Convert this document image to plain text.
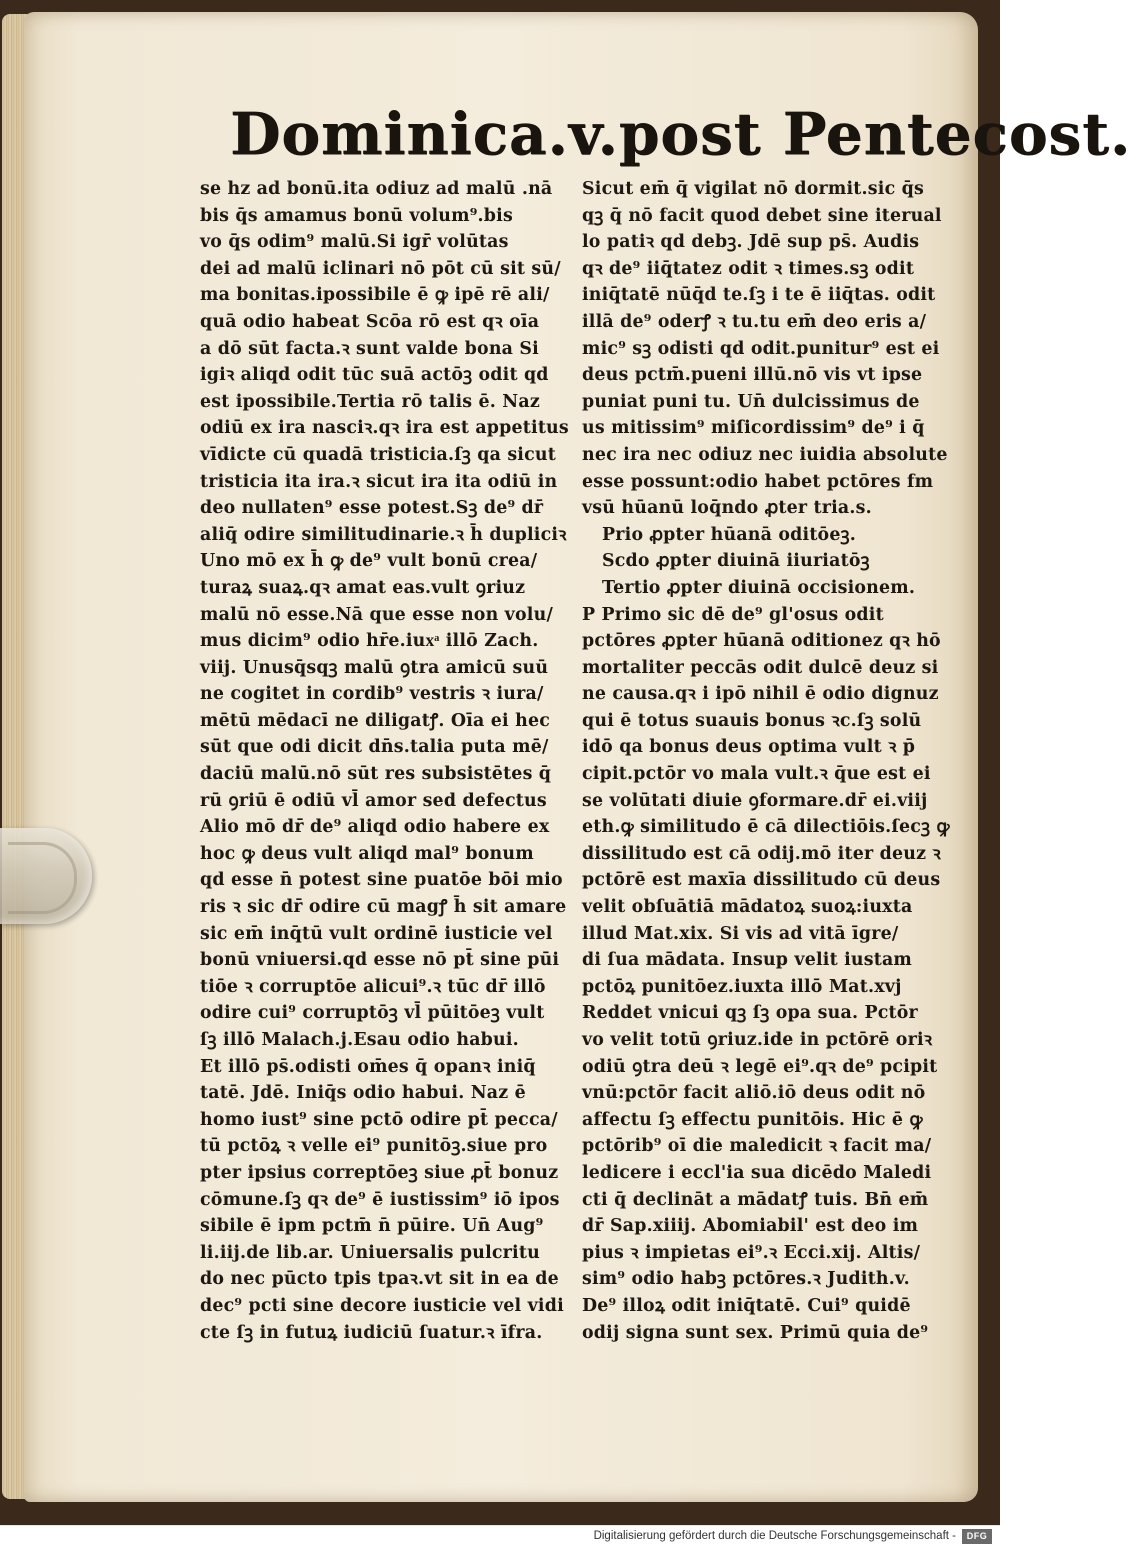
Dominica.v.post Pentecost.
se hz ad bonū.ita odiuz ad malū .nā
bis q̄s amamus bonū volum⁹.bis
vo q̄s odim⁹ malū.Si igr̄ volūtas
dei ad malū iclinari nō pōt cū sit sū/
ma bonitas.ipossibile ē ꝙ ipē rē ali/
quā odio habeat Scōa rō est qꝛ oīa
a dō sūt facta.ꝛ sunt valde bona Si
igiꝛ aliqd odit tūc suā actōꝫ odit qd
est ipossibile.Tertia rō talis ē. Naz
odiū ex ira nasciꝛ.qꝛ ira est appetitus
vīdicte cū quadā tristicia.ſꝫ qa sicut
tristicia ita ira.ꝛ sicut ira ita odiū in
deo nullaten⁹ esse potest.Sꝫ de⁹ dr̄
aliq̄ odire similitudinarie.ꝛ h̄ dupliciꝛ
Uno mō ex h̄ ꝙ de⁹ vult bonū crea/
turaꝝ suaꝝ.qꝛ amat eas.vult ꝯriuz
malū nō esse.Nā que esse non volu/
mus dicim⁹ odio hr̄e.iuxͣ illō Zach.
viij. Unusq̄sqꝫ malū ꝯtra amicū suū
ne cogitet in cordib⁹ vestris ꝛ iura/
mētū mēdacī ne diligatꝭ. Oīa ei hec
sūt que odi dicit dn̄s.talia puta mē/
daciū malū.nō sūt res subsistētes q̄
rū ꝯriū ē odiū vl̄ amor sed defectus
Alio mō dr̄ de⁹ aliqd odio habere ex
hoc ꝙ deus vult aliqd mal⁹ bonum
qd esse n̄ potest sine puatōe bōi mio
ris ꝛ sic dr̄ odire cū magꝭ h̄ sit amare
sic em̄ inq̄tū vult ordinē iusticie vel
bonū vniuersi.qd esse nō pt̄ sine pūi
tiōe ꝛ corruptōe alicui⁹.ꝛ tūc dr̄ illō
odire cui⁹ corruptōꝫ vl̄ pūitōeꝫ vult
ſꝫ illō Malach.j.Esau odio habui.
Et illō ps̄.odisti om̄es q̄ opanꝛ iniq̄
tatē. Jdē. Iniq̄s odio habui. Naz ē
homo iust⁹ sine pctō odire pt̄ pecca/
tū pctōꝝ ꝛ velle ei⁹ punitōꝫ.siue pro
pter ipsius correptōeꝫ siue ꝓt̄ bonuz
cōmune.ſꝫ qꝛ de⁹ ē iustissim⁹ iō ipos
sibile ē ipm pctm̄ n̄ pūire. Un̄ Aug⁹
li.iij.de lib.ar. Uniuersalis pulcritu
do nec pūcto tpis tpaꝛ.vt sit in ea de
dec⁹ pcti sine decore iusticie vel vidi
cte ſꝫ in futuꝝ iudiciū ſuatur.ꝛ īfra.
Sicut em̄ q̄ vigilat nō dormit.sic q̄s
qꝫ q̄ nō facit quod debet sine iterual
lo patiꝛ qd debꝫ. Jdē sup ps̄. Audis
qꝛ de⁹ iiq̄tatez odit ꝛ times.sꝫ odit
iniq̄tatē nūq̄d te.ſꝫ i te ē iiq̄tas. odit
illā de⁹ oderꝭ ꝛ tu.tu em̄ deo eris a/
mic⁹ sꝫ odisti qd odit.punitur⁹ est ei
deus pctm̄.pueni illū.nō vis vt ipse
puniat puni tu. Un̄ dulcissimus de
us mitissim⁹ miſicordissim⁹ de⁹ i q̄
nec ira nec odiuz nec iuidia absolute
esse possunt:odio habet pctōres fm
vsū hūanū loq̄ndo ꝓter tria.s.
Prio ꝓpter hūanā oditōeꝫ.
Scdo ꝓpter diuinā iiuriatōꝫ
Tertio ꝓpter diuinā occisionem.
P Primo sic dē de⁹ gl'osus odit
pctōres ꝓpter hūanā oditionez qꝛ hō
mortaliter peccās odit dulcē deuz si
ne causa.qꝛ i ipō nihil ē odio dignuz
qui ē totus suauis bonus ꝛc.ſꝫ solū
idō qa bonus deus optima vult ꝛ p̄
cipit.pctōr vo mala vult.ꝛ q̄ue est ei
se volūtati diuie ꝯformare.dr̄ ei.viij
eth.ꝙ similitudo ē cā dilectiōis.ſecꝫ ꝙ
dissilitudo est cā odij.mō iter deuz ꝛ
pctōrē est maxīa dissilitudo cū deus
velit obſuātiā mādatoꝝ suoꝝ:iuxta
illud Mat.xix. Si vis ad vitā īgre/
di ſua mādata. Insup velit iustam
pctōꝝ punitōez.iuxta illō Mat.xvj
Reddet vnicui qꝫ ſꝫ opa sua. Pctōr
vo velit totū ꝯriuz.ide in pctōrē oriꝛ
odiū ꝯtra deū ꝛ legē ei⁹.qꝛ de⁹ pcipit
vnū:pctōr facit aliō.iō deus odit nō
affectu ſꝫ effectu punitōis. Hic ē ꝙ
pctōrib⁹ oī die maledicit ꝛ facit ma/
ledicere i eccl'ia sua dicēdo Maledi
cti q̄ declināt a mādatꝭ tuis. Bn̄ em̄
dr̄ Sap.xiiij. Abomiabil' est deo im
pius ꝛ impietas ei⁹.ꝛ Ecci.xij. Altis/
sim⁹ odio habꝫ pctōres.ꝛ Judith.v.
De⁹ illoꝝ odit iniq̄tatē. Cui⁹ quidē
odij signa sunt sex. Primū quia de⁹
Digitalisierung gefördert durch die Deutsche Forschungsgemeinschaft -	DFG
